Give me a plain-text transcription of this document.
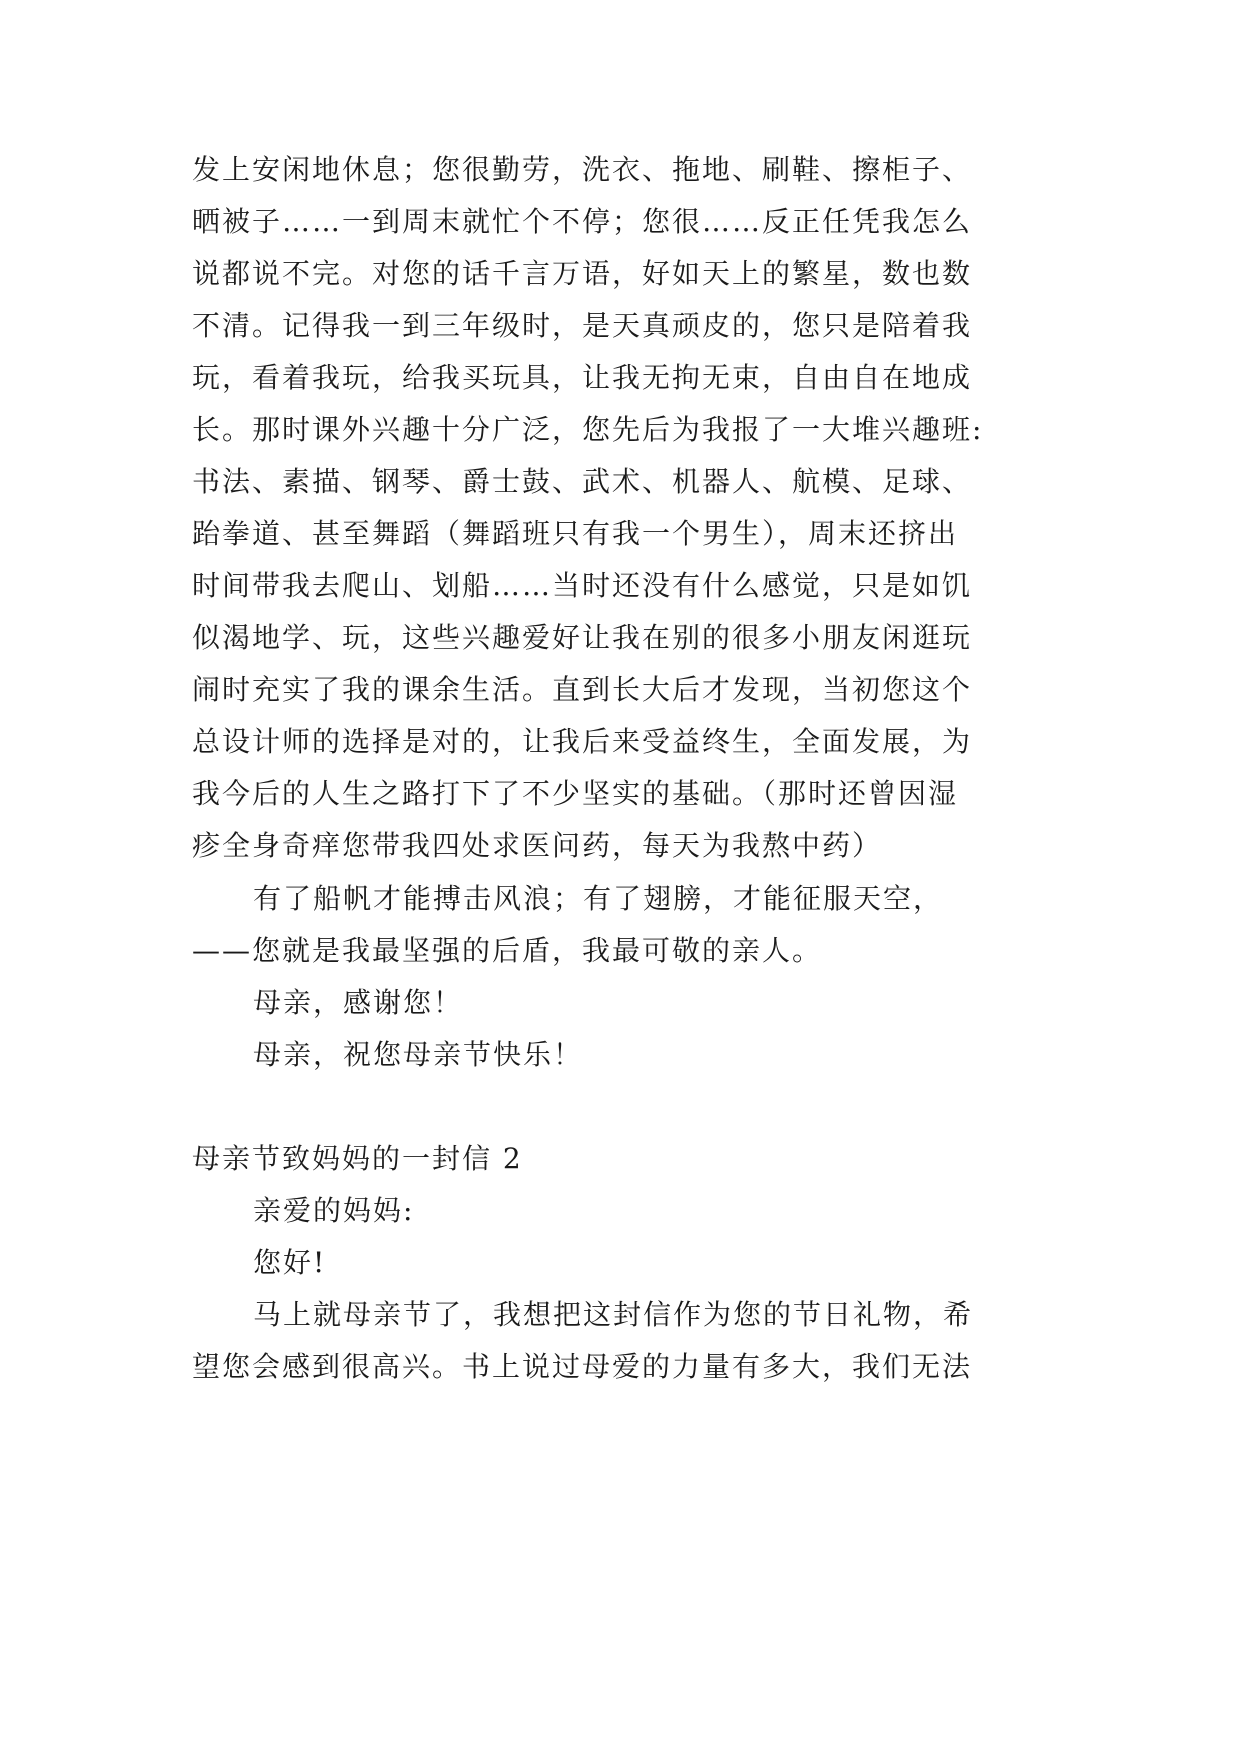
发上安闲地休息；您很勤劳，洗衣、拖地、刷鞋、擦柜子、
晒被子……一到周末就忙个不停；您很……反正任凭我怎么
说都说不完。对您的话千言万语，好如天上的繁星，数也数
不清。记得我一到三年级时，是天真顽皮的，您只是陪着我
玩，看着我玩，给我买玩具，让我无拘无束，自由自在地成
长。那时课外兴趣十分广泛，您先后为我报了一大堆兴趣班:
书法、素描、钢琴、爵士鼓、武术、机器人、航模、足球、
跆拳道、甚至舞蹈（舞蹈班只有我一个男生），周末还挤出
时间带我去爬山、划船……当时还没有什么感觉，只是如饥
似渴地学、玩，这些兴趣爱好让我在别的很多小朋友闲逛玩
闹时充实了我的课余生活。直到长大后才发现，当初您这个
总设计师的选择是对的，让我后来受益终生，全面发展，为
我今后的人生之路打下了不少坚实的基础。（那时还曾因湿
疹全身奇痒您带我四处求医问药，每天为我熬中药）
有了船帆才能搏击风浪；有了翅膀，才能征服天空，
——您就是我最坚强的后盾，我最可敬的亲人。
母亲，感谢您！
母亲，祝您母亲节快乐！
母亲节致妈妈的一封信 2
亲爱的妈妈:
您好!
马上就母亲节了，我想把这封信作为您的节日礼物，希
望您会感到很高兴。书上说过母爱的力量有多大，我们无法
